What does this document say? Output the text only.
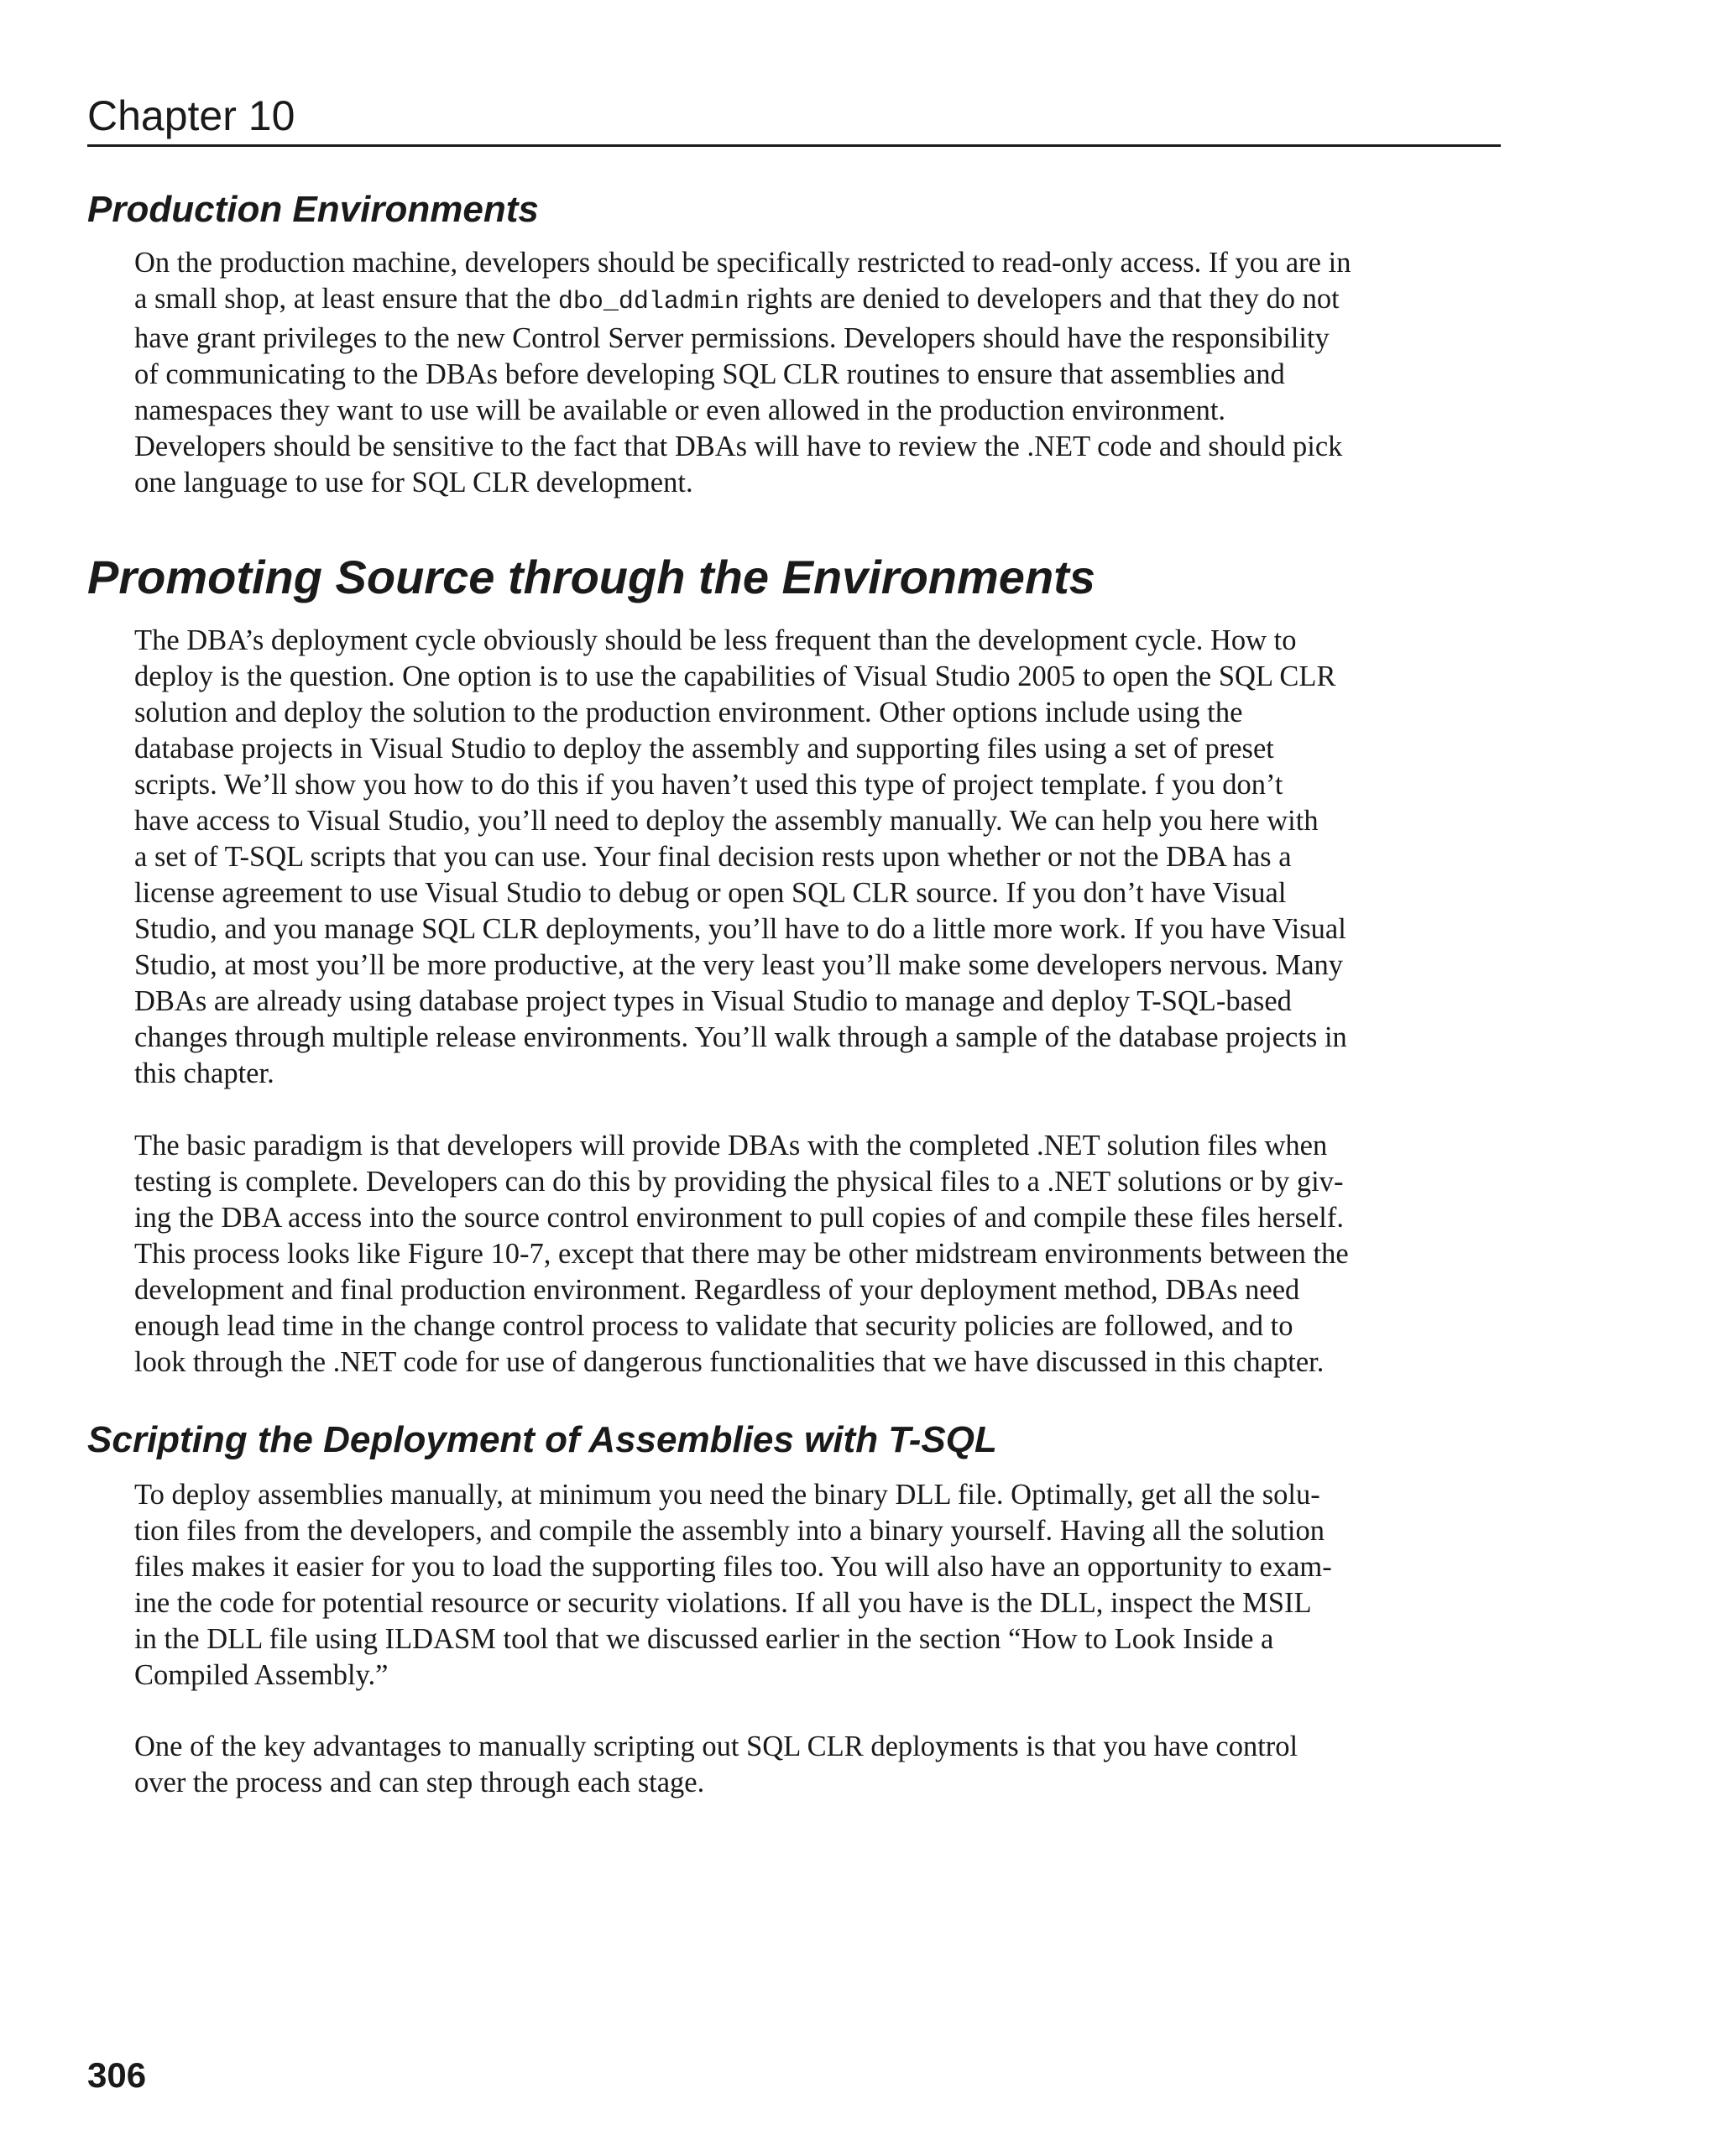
Chapter 10
Production Environments
On the production machine, developers should be specifically restricted to read-only access. If you are in
a small shop, at least ensure that the dbo_ddladmin rights are denied to developers and that they do not
have grant privileges to the new Control Server permissions. Developers should have the responsibility
of communicating to the DBAs before developing SQL CLR routines to ensure that assemblies and
namespaces they want to use will be available or even allowed in the production environment.
Developers should be sensitive to the fact that DBAs will have to review the .NET code and should pick
one language to use for SQL CLR development.
Promoting Source through the Environments
The DBA’s deployment cycle obviously should be less frequent than the development cycle. How to
deploy is the question. One option is to use the capabilities of Visual Studio 2005 to open the SQL CLR
solution and deploy the solution to the production environment. Other options include using the
database projects in Visual Studio to deploy the assembly and supporting files using a set of preset
scripts. We’ll show you how to do this if you haven’t used this type of project template. f you don’t
have access to Visual Studio, you’ll need to deploy the assembly manually. We can help you here with
a set of T-SQL scripts that you can use. Your final decision rests upon whether or not the DBA has a
license agreement to use Visual Studio to debug or open SQL CLR source. If you don’t have Visual
Studio, and you manage SQL CLR deployments, you’ll have to do a little more work. If you have Visual
Studio, at most you’ll be more productive, at the very least you’ll make some developers nervous. Many
DBAs are already using database project types in Visual Studio to manage and deploy T-SQL-based
changes through multiple release environments. You’ll walk through a sample of the database projects in
this chapter.
The basic paradigm is that developers will provide DBAs with the completed .NET solution files when
testing is complete. Developers can do this by providing the physical files to a .NET solutions or by giv-
ing the DBA access into the source control environment to pull copies of and compile these files herself.
This process looks like Figure 10-7, except that there may be other midstream environments between the
development and final production environment. Regardless of your deployment method, DBAs need
enough lead time in the change control process to validate that security policies are followed, and to
look through the .NET code for use of dangerous functionalities that we have discussed in this chapter.
Scripting the Deployment of Assemblies with T-SQL
To deploy assemblies manually, at minimum you need the binary DLL file. Optimally, get all the solu-
tion files from the developers, and compile the assembly into a binary yourself. Having all the solution
files makes it easier for you to load the supporting files too. You will also have an opportunity to exam-
ine the code for potential resource or security violations. If all you have is the DLL, inspect the MSIL
in the DLL file using ILDASM tool that we discussed earlier in the section “How to Look Inside a
Compiled Assembly.”
One of the key advantages to manually scripting out SQL CLR deployments is that you have control
over the process and can step through each stage.
306
